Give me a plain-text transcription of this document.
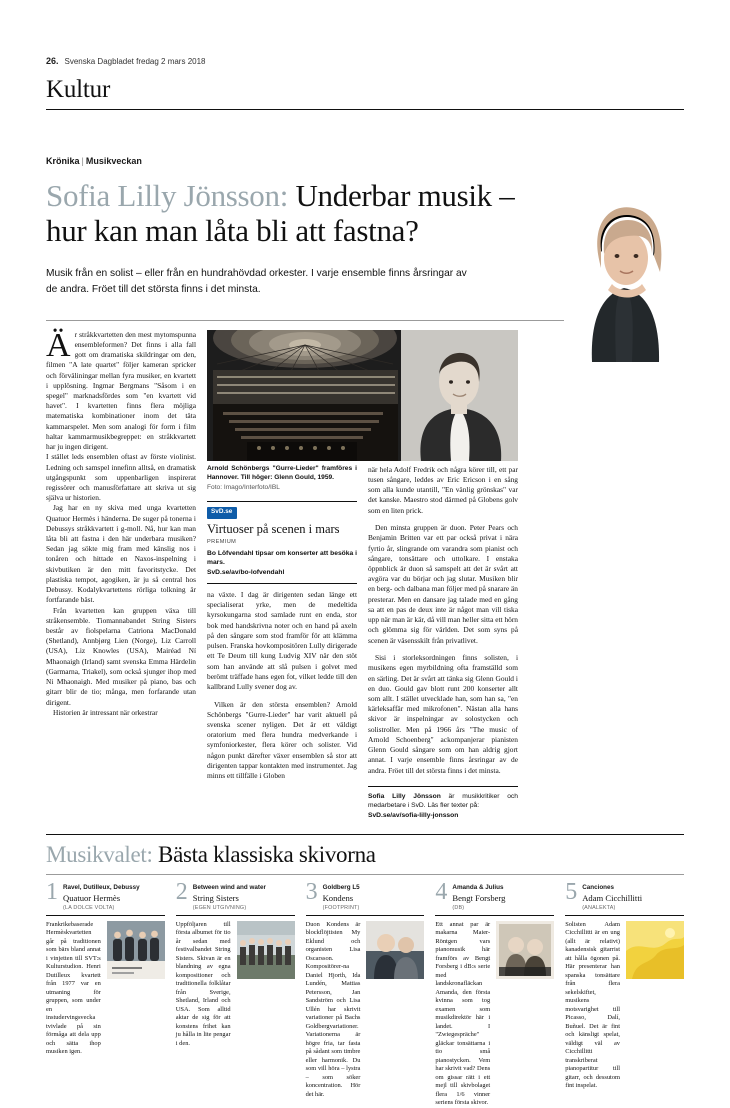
26. Svenska Dagbladet fredag 2 mars 2018
Kultur
Krönika | Musikveckan
Sofia Lilly Jönsson: Underbar musik – hur kan man låta bli att fastna?
Musik från en solist – eller från en hundrahövdad orkester. I varje ensemble finns årsringar av de andra. Fröet till det största finns i det minsta.
Ä r stråkkvartetten den mest mytomspunna ensembleformen? Det finns i alla fall gott om dramatiska skildringar om den, filmen "A late quartet" följer kameran spricker och förväliningar mellan fyra musiker, en kvartett i upplösning. Ingmar Bergmans "Såsom i en spegel" marknadsfördes som "en kvartett vid havet". I kvartetten finns flera möjliga matematiska kombinationer inom det täta kammarspelet. Men som analogi för form i film haltar kammarmusikbegreppet: en stråkkvartett har ju ingen dirigent.

I stället leds ensemblen oftast av förste violinist. Ledning och samspel innefinn alltså, en dramatisk utgångspunkt som uppenbarligen inspirerat regissörer och manusförfattare att skriva ut sig själva ur historien.

Jag har en ny skiva med unga kvartetten Quatuor Hermès i händerna. De suger på tonerna i Debussys stråkkvartett i g-moll. Nå, hur kan man låta bli att fastna i den här underbara musiken? Sedan jag sökte mig fram med känslig nos i tonåren och hittade en Naxos-inspelning i skivbutiken är den mitt favoritstycke. Det plastiska tempot, agogiken, är ju så central hos Debussy. Kodalykvartettens rörliga tolkning är fortfarande bäst.

Från kvartetten kan gruppen växa till stråkensemble. Tiomannabandet String Sisters består av fiolspelarna Catriona MacDonald (Shetland), Annbjørg Lien (Norge), Liz Carroll (USA), Liz Knowles (USA), Mairéad Ní Mhaonaigh (Irland) samt svenska Emma Härdelin (Garmarna, Triakel), som också sjunger ihop med Ni Mhaonaigh. Med musiker på piano, bas och gitarr blir de tio; många, men forfarande utan dirigent.

Historien är intressant när orkestrar

Arnold Schönbergs "Gurre-Lieder" framföres i Hannover. Till höger: Glenn Gould, 1959.
Foto: Imago/Interfoto/IBL
SvD.se
Virtuoser på scenen i mars
PREMIUM
Bo Löfvendahl tipsar om konserter att besöka i mars.
SvD.se/av/bo-lofvendahl

na växte. I dag är dirigenten sedan länge ett specialiserat yrke, men de medeltida kyrsokungarna stod samlade runt en enda, stor bok med handskrivna noter och en hand på axeln på den sångare som stod framför för att klämma pulsen. Franska hovkompositören Lully dirigerade ett Te Deum till kung Ludvig XIV när den stöt som han använde att slå pulsen i golvet med berömt träffade hans egen fot, vilket ledde till den kallbrand Lully svener dog av.

Vilken är den största ensemblen? Arnold Schönbergs "Gurre-Lieder" har varit aktuell på svenska scener nyligen. Det är ett väldigt oratorium med flera hundra medverkande i symfoniorkester, flera körer och solister. Vid någon punkt därefter växer ensemblen så stor att dirigenten tappar kontakten med instrumentet. Jag minns ett tillfälle i Globen

när hela Adolf Fredrik och några körer till, ett par tusen sångare, leddes av Eric Ericson i en sång som alla kunde utantill, "En vänlig grönskas" var det kanske. Maestro stod därmed på Globens golv som en liten prick.

Den minsta gruppen är duon. Peter Pears och Benjamin Britten var ett par också privat i nära fyrtio år, slingrande om varandra som pianist och sångare, tonsättare och uttolkare. I enstaka öppnblick är duon så samspelt att det är svårt att avgöra var du börjar och jag slutar. Musiken blir en berg- och dalbana man följer med på snarare än presterar. Men en dansare jag talade med en gång sa att en pas de deux inte är något man vill tiska upp när man är kär, då vill man heller sitta ett hörn och glömma sig för världen. Det som syns på scenen är väsensskilt från privatlivet.

Sisi i storleksordningen finns solisten, i musikens egen myrbildning ofta framställd som en särling. Det är svårt att tänka sig Glenn Gould i en duo. Gould gav blott runt 200 konserter allt som allt. I stället utvecklade han, som han sa, "en kärleksaffär med mikrofonen". Nästan alla hans skivor är inspelningar av solostycken och solistroller. Men på 1966 års "The music of Arnold Schoenberg" ackompanjerar pianisten Glenn Gould sångare som om han aldrig gjort annat. I varje ensemble finns årsringar av de andra. Fröet till det största finns i det minsta.

Sofia Lilly Jönsson är musikkritiker och medarbetare i SvD. Läs fler texter på:
SvD.se/av/sofia-lilly-jonsson
Musikvalet: Bästa klassiska skivorna
1 Ravel, Dutilleux, Debussy
Quatuor Hermès
(LA DOLCE VOLTA)
Frankrikebaserade Hermèskvartetten går på traditionen som bärs bland annat i vinjetten till SVT:s Kulturstudion. Henri Dutilleux kvartett från 1977 var en utmaning för gruppen, som under en instudervingsvecka tvivlade på sin förmåga att dela upp och sätta ihop musiken igen.
2 Between wind and water
String Sisters
(EGEN UTGIVNING)
Uppföljaren till första albumet för tio år sedan med festivalbandet String Sisters. Skivan är en blandning av egna kompositioner och traditionella folklåtar från Sverige, Shetland, Irland och USA. Som alltid aktar de sig för att konstens frihet kan ju hålla in lite pengar i den.
3 Goldberg L5
Kondens
(FOOTPRINT)
Duon Kondens är blockflöjtisten My Eklund och organisten Lisa Oscarsson. Kompositörer-na Daniel Hjorth, Ida Lundén, Mattias Petersson, Jan Sandström och Lisa Ullén har skrivit variationer på Bachs Goldbergvariationer. Variationerna är högre fria, tar fasta på sådant som timbre eller harmonik. Du som vill höra – lystra – som söker koncentration. Hör det här.
4 Amanda & Julius
Bengt Forsberg
(DB)
Ett annat par är makarna Maier-Röntgen vars pianomusik här framförs av Bengt Forsberg i dB:s serie med landskronafläckan Amanda, den första kvinna som tog examen som musikdirektör här i landet. I "Zwiegespräche" gläckar tonsättarna i tio små pianostycken. Vem har skrivit vad? Dens om gissar rätt i ett mejl till skivbolaget flera 1/6 vinner seriens första skivor.
5 Canciones
Adam Cicchillitti
(ANALEKTA)
Solisten Adam Cicchillitti är en ung (allt är relativt) kanadensisk gitarrist att hålla ögonen på. Här presenterar han spanska tonsättare från flera sekelskiftet, musikens motsvarighet till Picasso, Dalí, Buñuel. Det är fint och känsligt spelat, väldigt väl av Cicchillitti transkriberat pianopartitur till gitarr, och dessutom fint inspelat.
